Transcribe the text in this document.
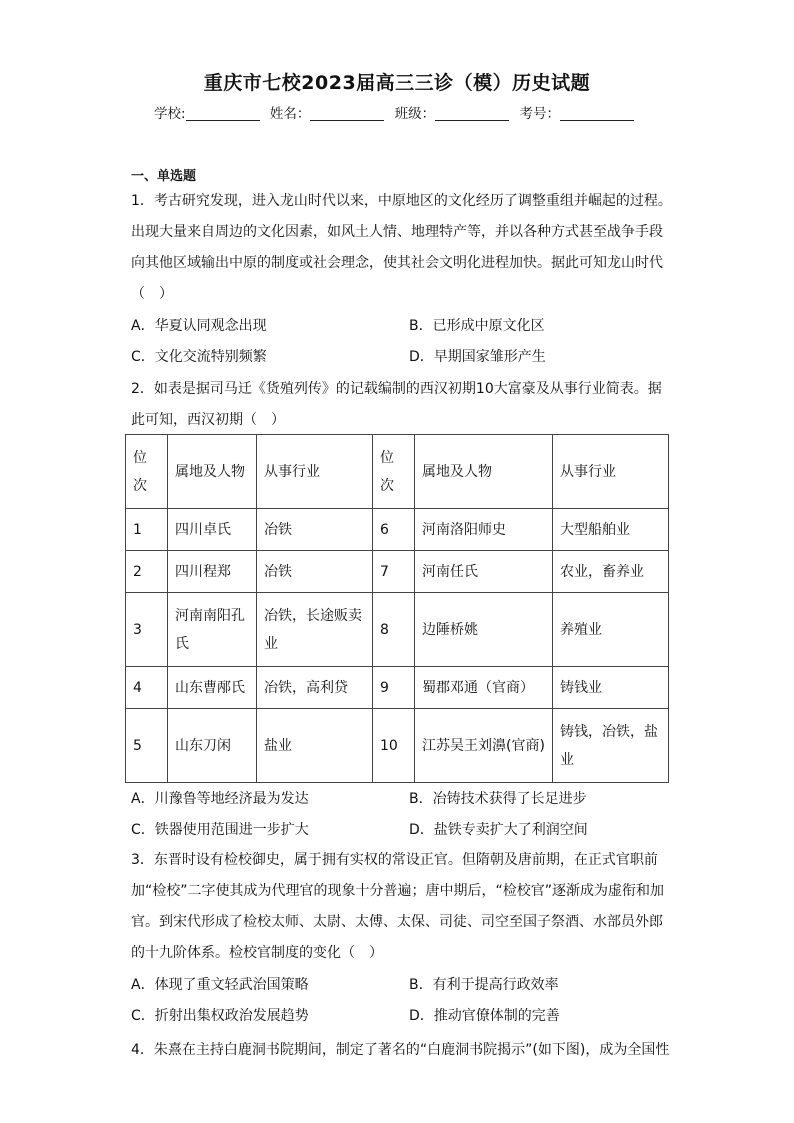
重庆市七校2023届高三三诊（模）历史试题
学校:	姓名：	班级：	考号：
一、单选题
1．考古研究发现，进入龙山时代以来，中原地区的文化经历了调整重组并崛起的过程。
出现大量来自周边的文化因素，如风土人情、地理特产等，并以各种方式甚至战争手段
向其他区域输出中原的制度或社会理念，使其社会文明化进程加快。据此可知龙山时代
（　）
A．华夏认同观念出现	B．已形成中原文化区
C．文化交流特别频繁	D．早期国家雏形产生
2．如表是据司马迁《货殖列传》的记载编制的西汉初期10大富豪及从事行业简表。据
此可知，西汉初期（　）
位次	属地及人物	从事行业	位次	属地及人物	从事行业
1	四川卓氏	冶铁	6	河南洛阳师史	大型船舶业
2	四川程郑	冶铁	7	河南任氏	农业，畜养业
3	河南南阳孔氏	冶铁，长途贩卖业	8	边陲桥姚	养殖业
4	山东曹邴氏	冶铁，高利贷	9	蜀郡邓通（官商）	铸钱业
5	山东刀闲	盐业	10	江苏吴王刘濞(官商)	铸钱，冶铁，盐业
A．川豫鲁等地经济最为发达	B．冶铸技术获得了长足进步
C．铁器使用范围进一步扩大	D．盐铁专卖扩大了利润空间
3．东晋时设有检校御史，属于拥有实权的常设正官。但隋朝及唐前期，在正式官职前
加“检校”二字使其成为代理官的现象十分普遍；唐中期后，“检校官”逐渐成为虚衔和加
官。到宋代形成了检校太师、太尉、太傅、太保、司徒、司空至国子祭酒、水部员外郎
的十九阶体系。检校官制度的变化（　）
A．体现了重文轻武治国策略	B．有利于提高行政效率
C．折射出集权政治发展趋势	D．推动官僚体制的完善
4．朱熹在主持白鹿洞书院期间，制定了著名的“白鹿洞书院揭示”(如下图)，成为全国性
